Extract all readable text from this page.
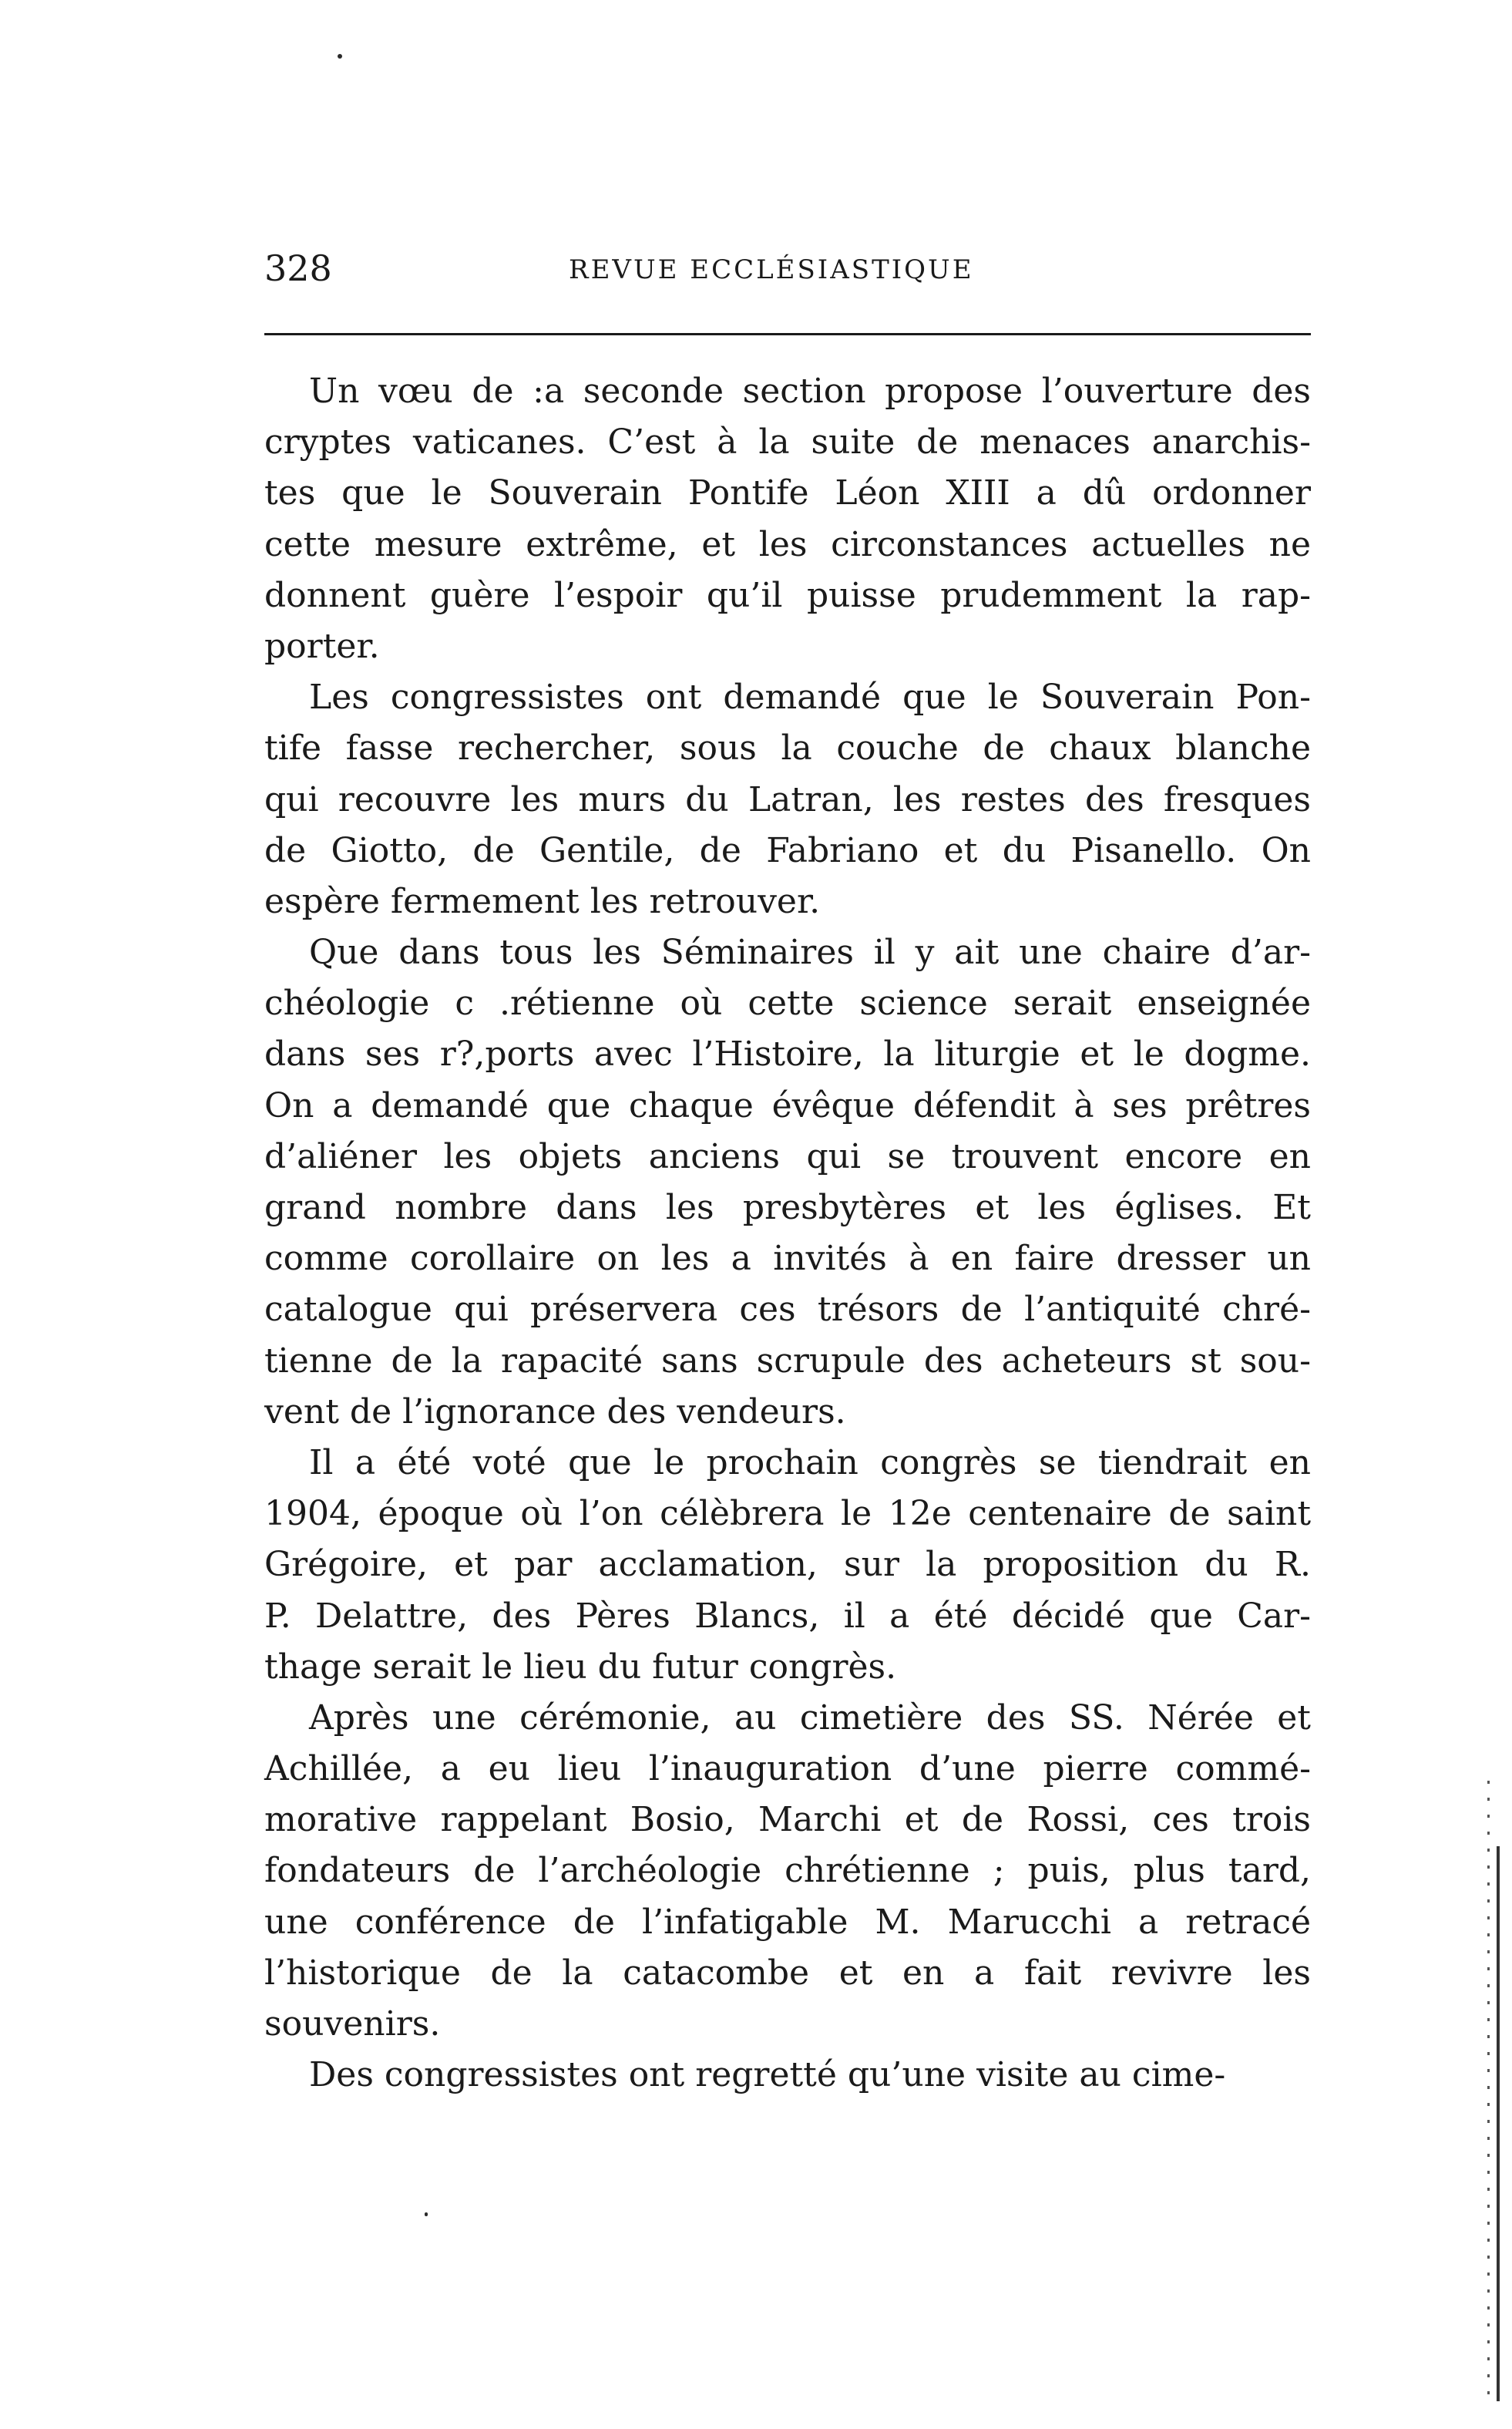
328	REVUE ECCLÉSIASTIQUE
Un vœu de :a seconde section propose l’ouverture des
cryptes vaticanes. C’est à la suite de menaces anarchis-
tes que le Souverain Pontife Léon XIII a dû ordonner
cette mesure extrême, et les circonstances actuelles ne
donnent guère l’espoir qu’il puisse prudemment la rap-
porter.
Les congressistes ont demandé que le Souverain Pon-
tife fasse rechercher, sous la couche de chaux blanche
qui recouvre les murs du Latran, les restes des fresques
de Giotto, de Gentile, de Fabriano et du Pisanello. On
espère fermement les retrouver.
Que dans tous les Séminaires il y ait une chaire d’ar-
chéologie c .rétienne où cette science serait enseignée
dans ses r?,ports avec l’Histoire, la liturgie et le dogme.
On a demandé que chaque évêque défendit à ses prêtres
d’aliéner les objets anciens qui se trouvent encore en
grand nombre dans les presbytères et les églises. Et
comme corollaire on les a invités à en faire dresser un
catalogue qui préservera ces trésors de l’antiquité chré-
tienne de la rapacité sans scrupule des acheteurs st sou-
vent de l’ignorance des vendeurs.
Il a été voté que le prochain congrès se tiendrait en
1904, époque où l’on célèbrera le 12e centenaire de saint
Grégoire, et par acclamation, sur la proposition du R.
P. Delattre, des Pères Blancs, il a été décidé que Car-
thage serait le lieu du futur congrès.
Après une cérémonie, au cimetière des SS. Nérée et
Achillée, a eu lieu l’inauguration d’une pierre commé-
morative rappelant Bosio, Marchi et de Rossi, ces trois
fondateurs de l’archéologie chrétienne ; puis, plus tard,
une conférence de l’infatigable M. Marucchi a retracé
l’historique de la catacombe et en a fait revivre les
souvenirs.
Des congressistes ont regretté qu’une visite au cime-
